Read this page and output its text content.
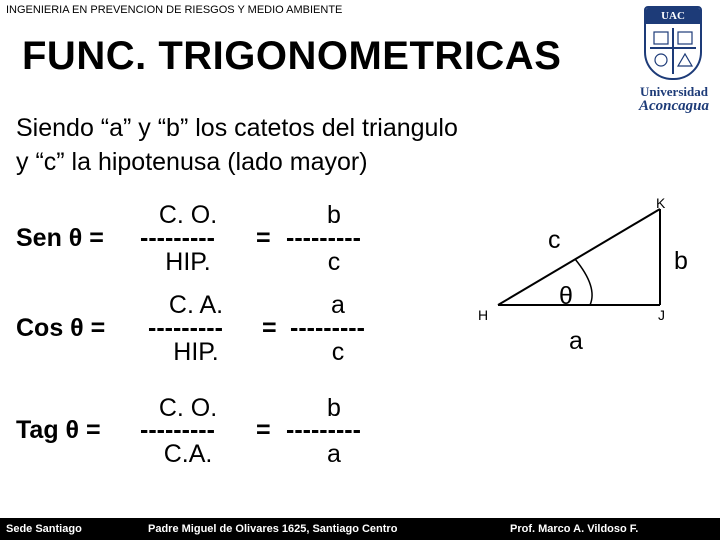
INGENIERIA EN PREVENCION DE RIESGOS Y MEDIO AMBIENTE
FUNC. TRIGONOMETRICAS
Siendo “a” y “b” los catetos del triangulo
y “c” la hipotenusa (lado mayor)
Sen θ =
C. O.
---------
HIP.
=
b
---------
c
Cos θ =
C. A.
---------
HIP.
=
a
---------
c
Tag θ =
C. O.
---------
C.A.
=
b
---------
a
K
H	J
c
b
a
θ
UAC
Universidad
Aconcagua
Sede Santiago	Padre Miguel de Olivares 1625, Santiago Centro	Prof. Marco A. Vildoso F.
